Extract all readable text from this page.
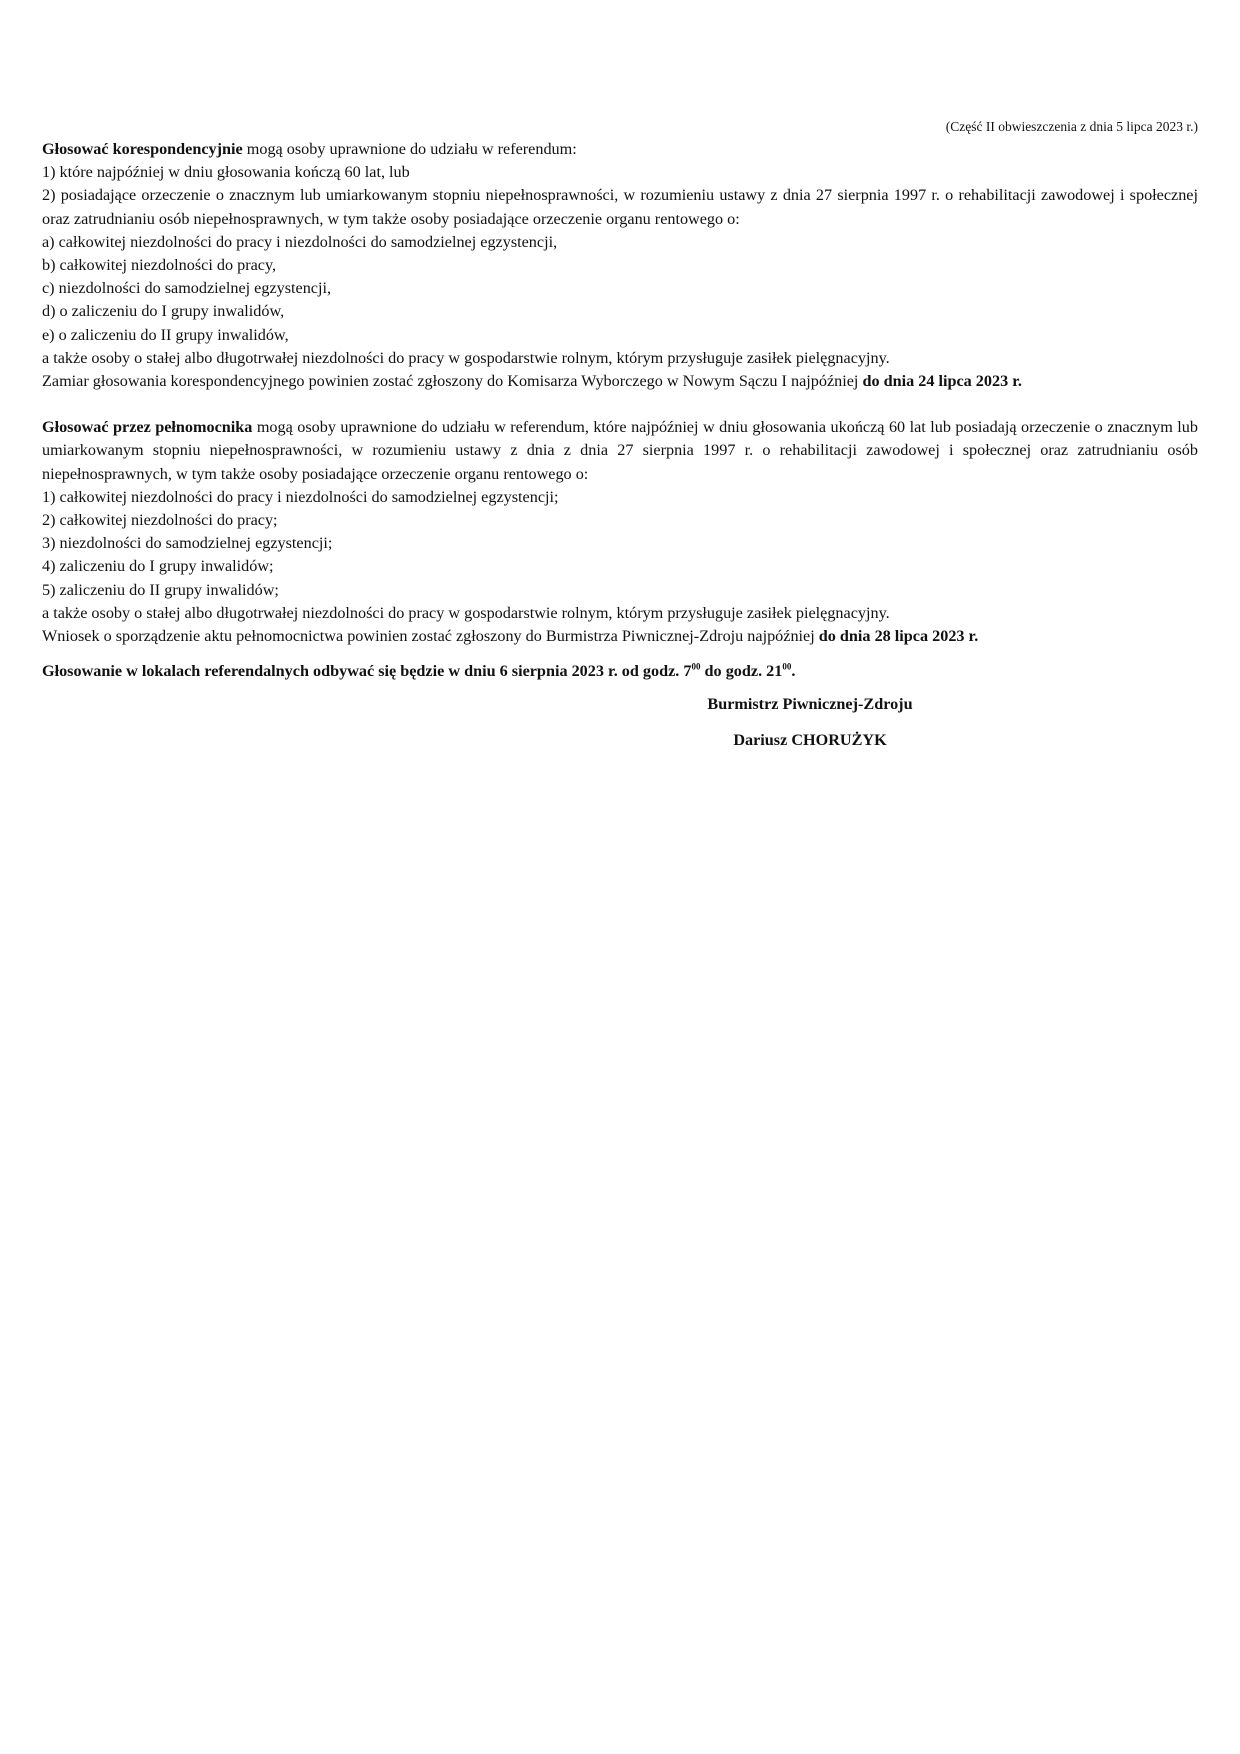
(Część II obwieszczenia z dnia 5 lipca 2023 r.)
Głosować korespondencyjnie mogą osoby uprawnione do udziału w referendum:
1) które najpóźniej w dniu głosowania kończą 60 lat, lub
2) posiadające orzeczenie o znacznym lub umiarkowanym stopniu niepełnosprawności, w rozumieniu ustawy z dnia 27 sierpnia 1997 r. o rehabilitacji zawodowej i społecznej oraz zatrudnianiu osób niepełnosprawnych, w tym także osoby posiadające orzeczenie organu rentowego o:
a) całkowitej niezdolności do pracy i niezdolności do samodzielnej egzystencji,
b) całkowitej niezdolności do pracy,
c) niezdolności do samodzielnej egzystencji,
d) o zaliczeniu do I grupy inwalidów,
e) o zaliczeniu do II grupy inwalidów,
a także osoby o stałej albo długotrwałej niezdolności do pracy w gospodarstwie rolnym, którym przysługuje zasiłek pielęgnacyjny.
Zamiar głosowania korespondencyjnego powinien zostać zgłoszony do Komisarza Wyborczego w Nowym Sączu I najpóźniej do dnia 24 lipca 2023 r.
Głosować przez pełnomocnika mogą osoby uprawnione do udziału w referendum, które najpóźniej w dniu głosowania ukończą 60 lat lub posiadają orzeczenie o znacznym lub umiarkowanym stopniu niepełnosprawności, w rozumieniu ustawy z dnia z dnia 27 sierpnia 1997 r. o rehabilitacji zawodowej i społecznej oraz zatrudnianiu osób niepełnosprawnych, w tym także osoby posiadające orzeczenie organu rentowego o:
1) całkowitej niezdolności do pracy i niezdolności do samodzielnej egzystencji;
2) całkowitej niezdolności do pracy;
3) niezdolności do samodzielnej egzystencji;
4) zaliczeniu do I grupy inwalidów;
5) zaliczeniu do II grupy inwalidów;
a także osoby o stałej albo długotrwałej niezdolności do pracy w gospodarstwie rolnym, którym przysługuje zasiłek pielęgnacyjny.
Wniosek o sporządzenie aktu pełnomocnictwa powinien zostać zgłoszony do Burmistrza Piwnicznej-Zdroju najpóźniej do dnia 28 lipca 2023 r.
Głosowanie w lokalach referendalnych odbywać się będzie w dniu 6 sierpnia 2023 r. od godz. $7^{00}$ do godz. $21^{00}$.
Burmistrz Piwnicznej-Zdroju
Dariusz CHORUŻYK
